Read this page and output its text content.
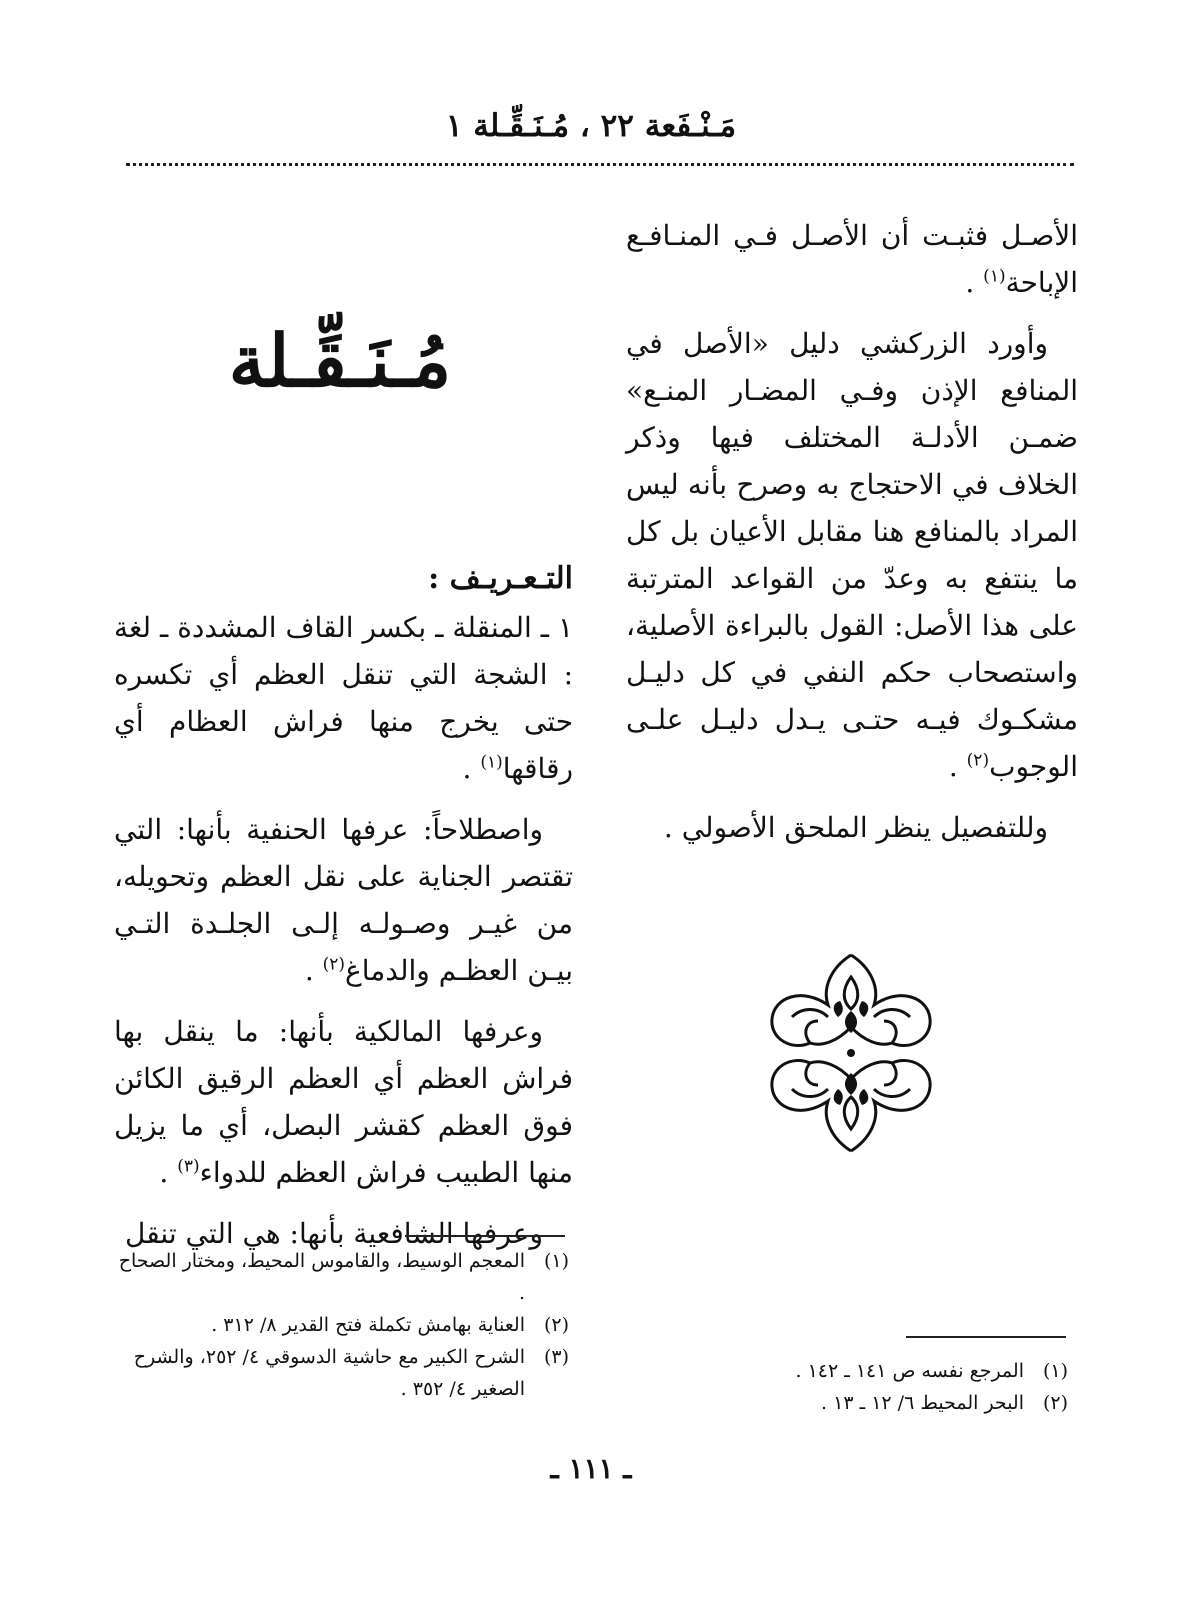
مَـنْـفَعة ٢٢ ، مُـنَـقِّـلة ١

الأصـل فثبـت أن الأصـل فـي المنـافـع الإباحة$^{(١)}$ .

وأورد الزركشي دليل «الأصل في المنافع الإذن وفـي المضـار المنـع» ضمـن الأدلـة المختلف فيها وذكر الخلاف في الاحتجاج به وصرح بأنه ليس المراد بالمنافع هنا مقابل الأعيان بل كل ما ينتفع به وعدّ من القواعد المترتبة على هذا الأصل: القول بالبراءة الأصلية، واستصحاب حكم النفي في كل دليـل مشكـوك فيـه حتـى يـدل دليـل علـى الوجوب$^{(٢)}$ .

وللتفصيل ينظر الملحق الأصولي .

مُـنَـقِّـلة
التـعـريـف :

١ ـ المنقلة ـ بكسر القاف المشددة ـ لغة : الشجة التي تنقل العظم أي تكسره حتى يخرج منها فراش العظام أي رقاقها$^{(١)}$ .

واصطلاحاً: عرفها الحنفية بأنها: التي تقتصر الجناية على نقل العظم وتحويله، من غيـر وصـولـه إلـى الجلـدة التـي بيـن العظـم والدماغ$^{(٢)}$ .

وعرفها المالكية بأنها: ما ينقل بها فراش العظم أي العظم الرقيق الكائن فوق العظم كقشر البصل، أي ما يزيل منها الطبيب فراش العظم للدواء$^{(٣)}$ .

وعرفها الشافعية بأنها: هي التي تنقل

(١)
المعجم الوسيط، والقاموس المحيط، ومختار الصحاح .
(٢)
العناية بهامش تكملة فتح القدير ٨/ ٣١٢ .
(٣)
الشرح الكبير مع حاشية الدسوقي ٤/ ٢٥٢، والشرح الصغير ٤/ ٣٥٢ .
(١)
المرجع نفسه ص ١٤١ ـ ١٤٢ .
(٢)
البحر المحيط ٦/ ١٢ ـ ١٣ .
ـ ١١١ ـ
